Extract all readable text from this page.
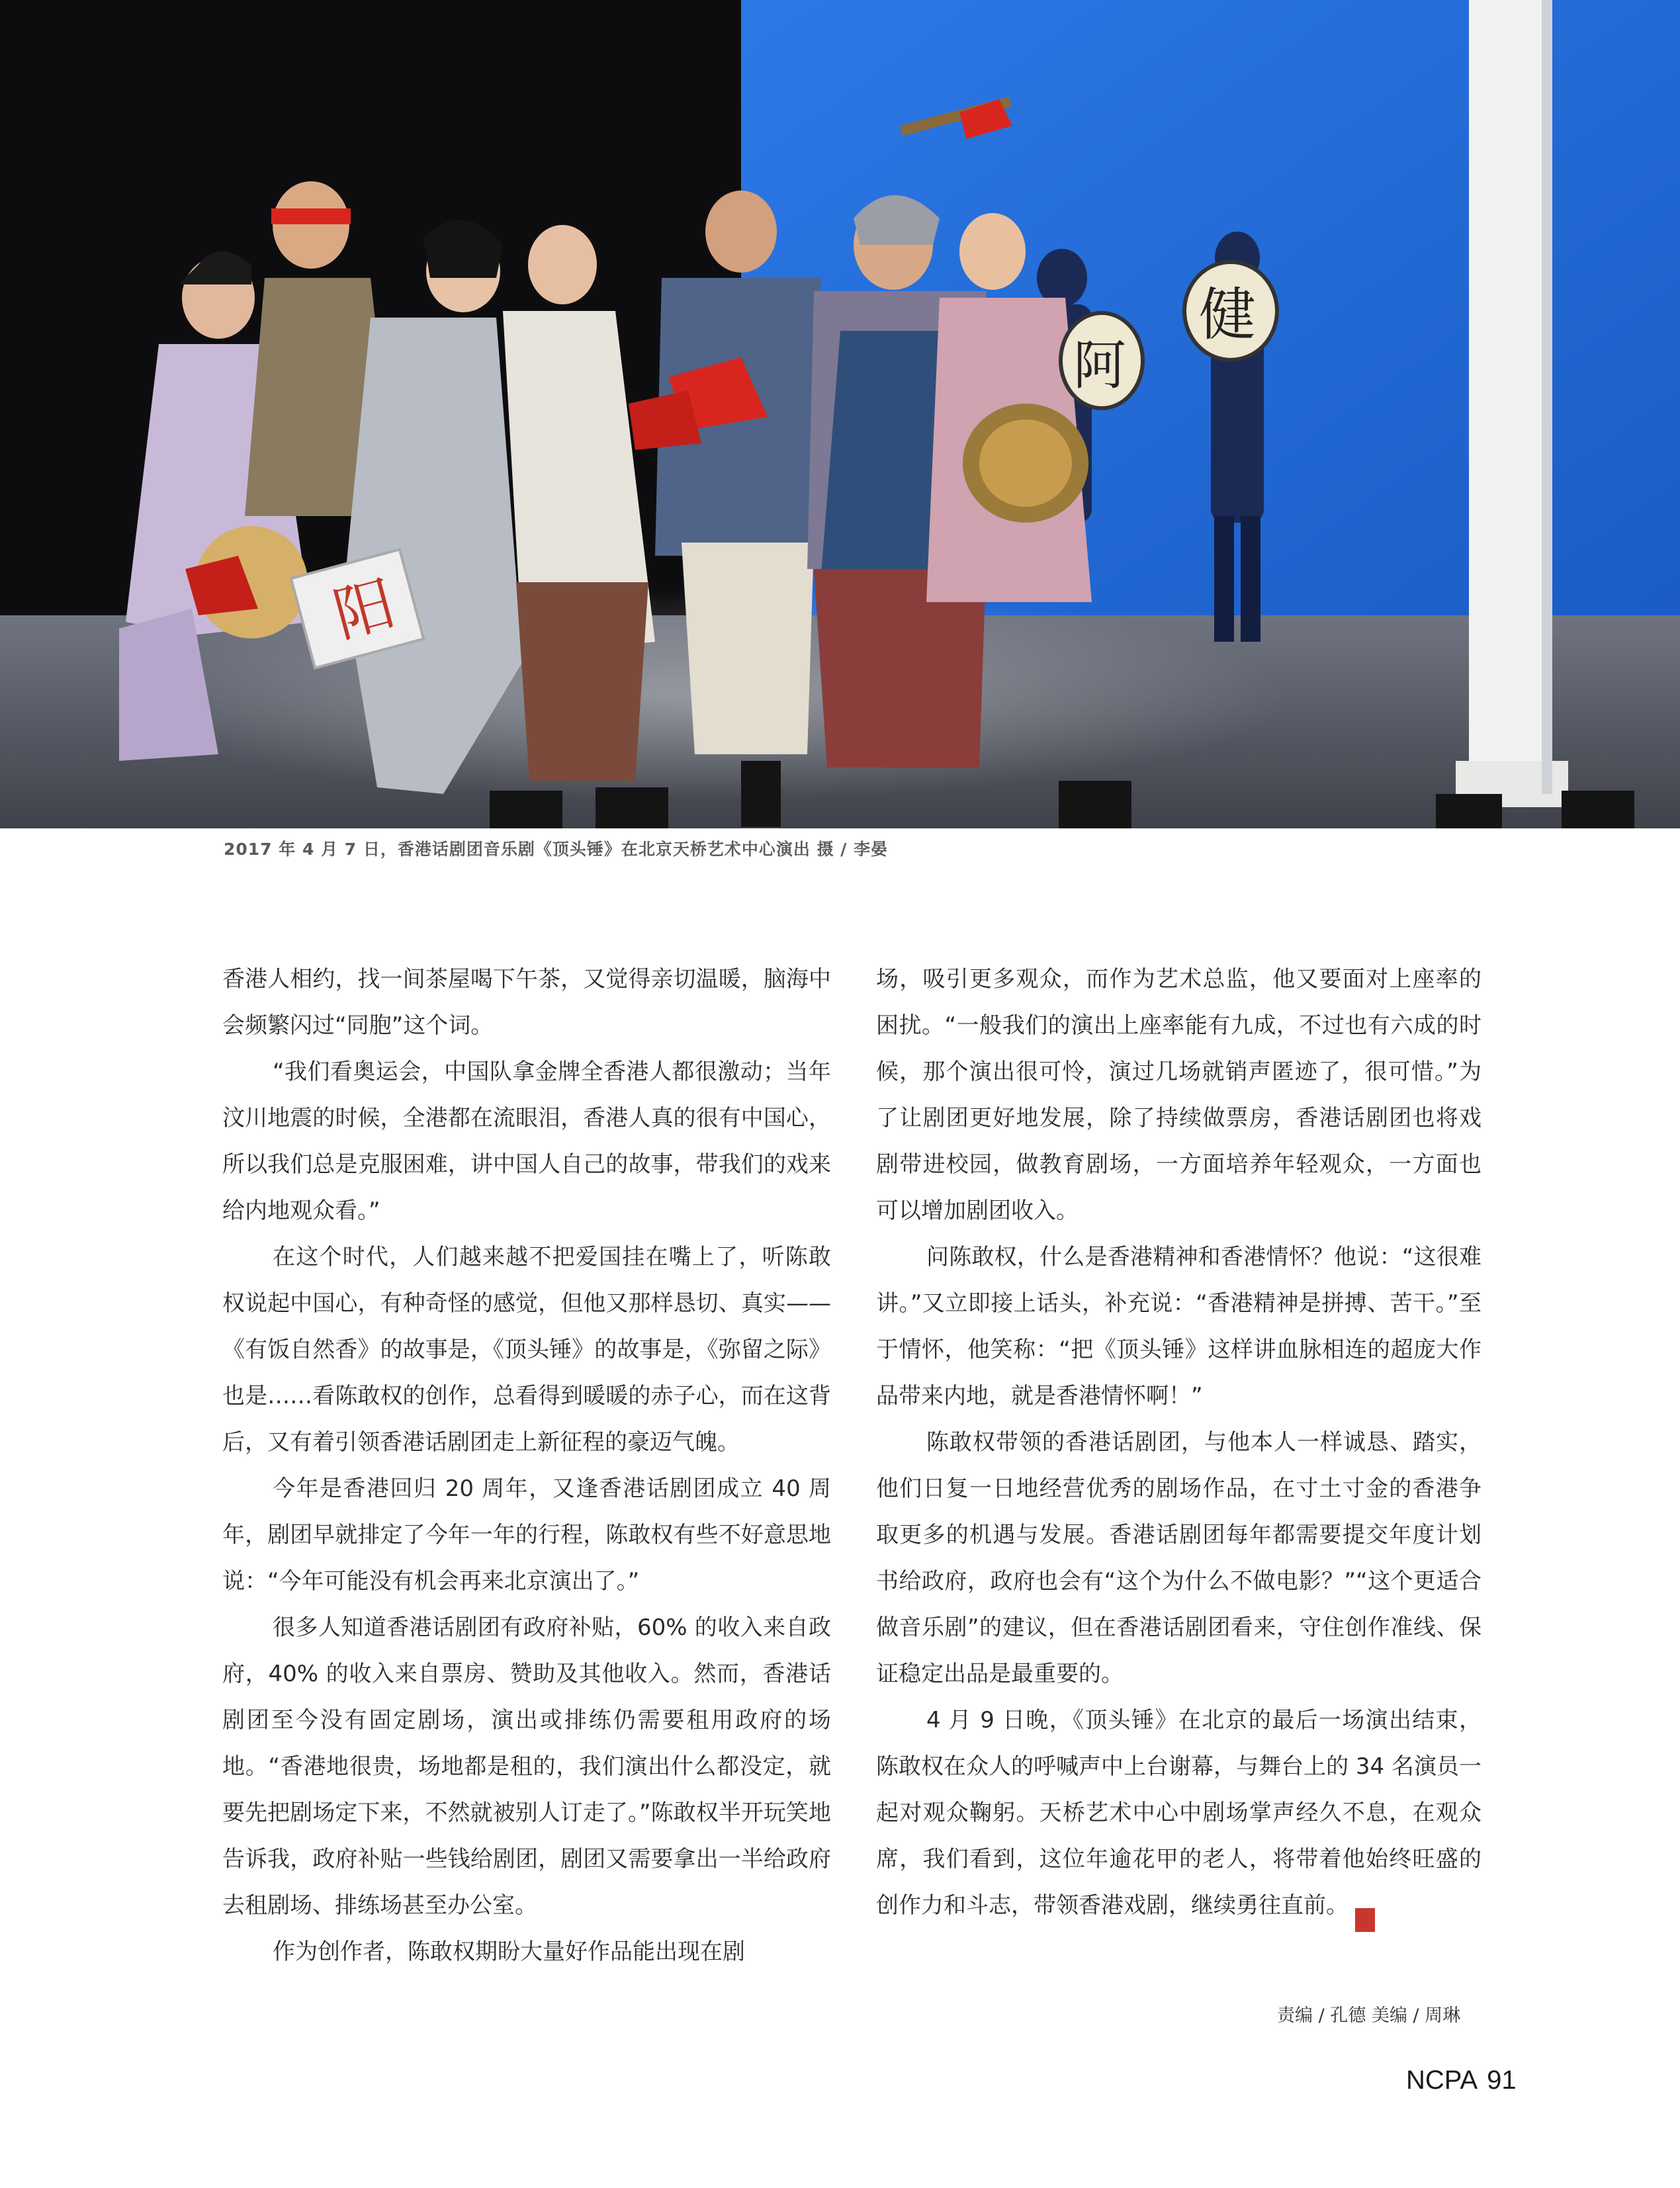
阳
阿
健
2017 年 4 月 7 日，香港话剧团音乐剧《顶头锤》在北京天桥艺术中心演出 摄 / 李晏

香港人相约，找一间茶屋喝下午茶，又觉得亲切温暖，脑海中会频繁闪过“同胞”这个词。

“我们看奥运会，中国队拿金牌全香港人都很激动；当年汶川地震的时候，全港都在流眼泪，香港人真的很有中国心，所以我们总是克服困难，讲中国人自己的故事，带我们的戏来给内地观众看。”

在这个时代，人们越来越不把爱国挂在嘴上了，听陈敢权说起中国心，有种奇怪的感觉，但他又那样恳切、真实——《有饭自然香》的故事是，《顶头锤》的故事是，《弥留之际》也是……看陈敢权的创作，总看得到暖暖的赤子心，而在这背后，又有着引领香港话剧团走上新征程的豪迈气魄。

今年是香港回归 20 周年，又逢香港话剧团成立 40 周年，剧团早就排定了今年一年的行程，陈敢权有些不好意思地说：“今年可能没有机会再来北京演出了。”

很多人知道香港话剧团有政府补贴，60% 的收入来自政府，40% 的收入来自票房、赞助及其他收入。然而，香港话剧团至今没有固定剧场，演出或排练仍需要租用政府的场地。“香港地很贵，场地都是租的，我们演出什么都没定，就要先把剧场定下来，不然就被别人订走了。”陈敢权半开玩笑地告诉我，政府补贴一些钱给剧团，剧团又需要拿出一半给政府去租剧场、排练场甚至办公室。

作为创作者，陈敢权期盼大量好作品能出现在剧

场，吸引更多观众，而作为艺术总监，他又要面对上座率的困扰。“一般我们的演出上座率能有九成，不过也有六成的时候，那个演出很可怜，演过几场就销声匿迹了，很可惜。”为了让剧团更好地发展，除了持续做票房，香港话剧团也将戏剧带进校园，做教育剧场，一方面培养年轻观众，一方面也可以增加剧团收入。

问陈敢权，什么是香港精神和香港情怀？他说：“这很难讲。”又立即接上话头，补充说：“香港精神是拼搏、苦干。”至于情怀，他笑称：“把《顶头锤》这样讲血脉相连的超庞大作品带来内地，就是香港情怀啊！”

陈敢权带领的香港话剧团，与他本人一样诚恳、踏实，他们日复一日地经营优秀的剧场作品，在寸土寸金的香港争取更多的机遇与发展。香港话剧团每年都需要提交年度计划书给政府，政府也会有“这个为什么不做电影？”“这个更适合做音乐剧”的建议，但在香港话剧团看来，守住创作准线、保证稳定出品是最重要的。

4 月 9 日晚，《顶头锤》在北京的最后一场演出结束，陈敢权在众人的呼喊声中上台谢幕，与舞台上的 34 名演员一起对观众鞠躬。天桥艺术中心中剧场掌声经久不息，在观众席，我们看到，这位年逾花甲的老人，将带着他始终旺盛的创作力和斗志，带领香港戏剧，继续勇往直前。	NCPA

责编 / 孔德 美编 / 周琳
NCPA 91
